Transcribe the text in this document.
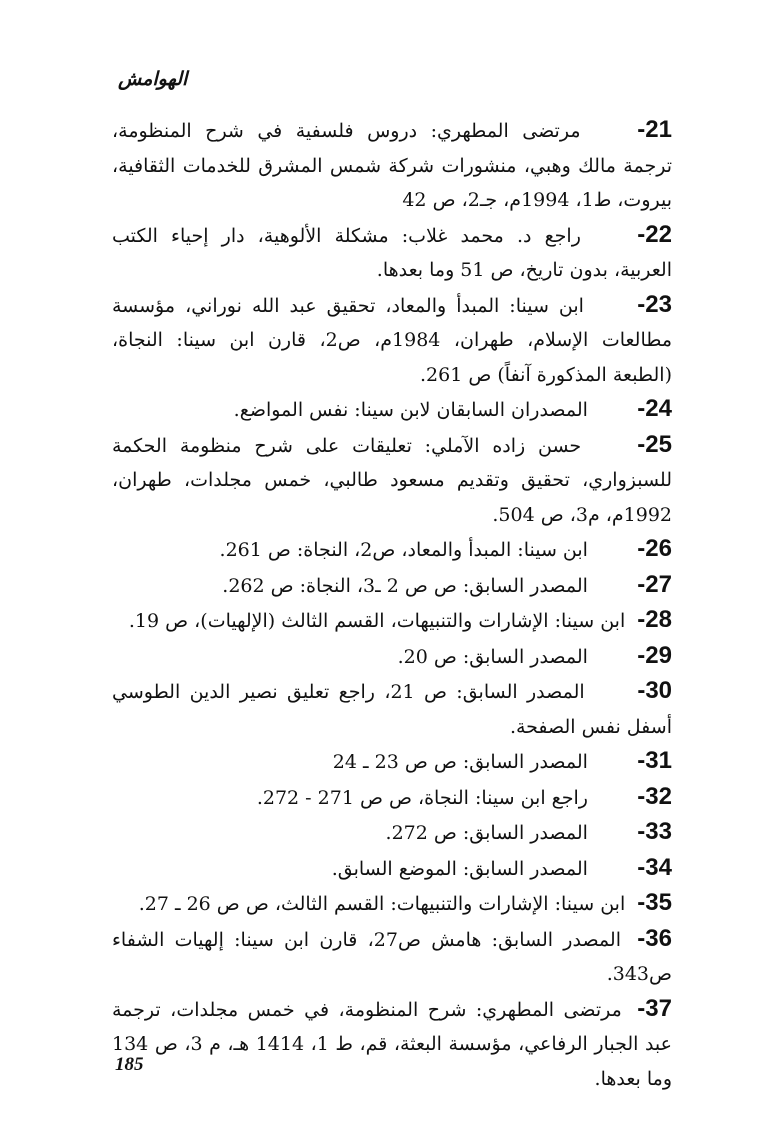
الهوامش

21- مرتضى المطهري: دروس فلسفية في شرح المنظومة، ترجمة مالك وهبي، منشورات شركة شمس المشرق للخدمات الثقافية، بيروت، ط1، 1994م، جـ2، ص 42

22- راجع د. محمد غلاب: مشكلة الألوهية، دار إحياء الكتب العربية، بدون تاريخ، ص 51 وما بعدها.

23- ابن سينا: المبدأ والمعاد، تحقيق عبد الله نوراني، مؤسسة مطالعات الإسلام، طهران، 1984م، ص2، قارن ابن سينا: النجاة، (الطبعة المذكورة آنفاً) ص 261.

24- المصدران السابقان لابن سينا: نفس المواضع.

25- حسن زاده الآملي: تعليقات على شرح منظومة الحكمة للسبزواري، تحقيق وتقديم مسعود طالبي، خمس مجلدات، طهران، 1992م، م3، ص 504.

26- ابن سينا: المبدأ والمعاد، ص2، النجاة: ص 261.

27- المصدر السابق: ص ص 2 ـ3، النجاة: ص 262.

28- ابن سينا: الإشارات والتنبيهات، القسم الثالث (الإلهيات)، ص 19.

29- المصدر السابق: ص 20.

30- المصدر السابق: ص 21، راجع تعليق نصير الدين الطوسي أسفل نفس الصفحة.

31- المصدر السابق: ص ص 23 ـ 24

32- راجع ابن سينا: النجاة، ص ص 271 - 272.

33- المصدر السابق: ص 272.

34- المصدر السابق: الموضع السابق.

35- ابن سينا: الإشارات والتنبيهات: القسم الثالث، ص ص 26 ـ 27.

36- المصدر السابق: هامش ص27، قارن ابن سينا: إلهيات الشفاء ص343.

37- مرتضى المطهري: شرح المنظومة، في خمس مجلدات، ترجمة عبد الجبار الرفاعي، مؤسسة البعثة، قم، ط 1، 1414 هـ، م 3، ص 134 وما بعدها.

185
